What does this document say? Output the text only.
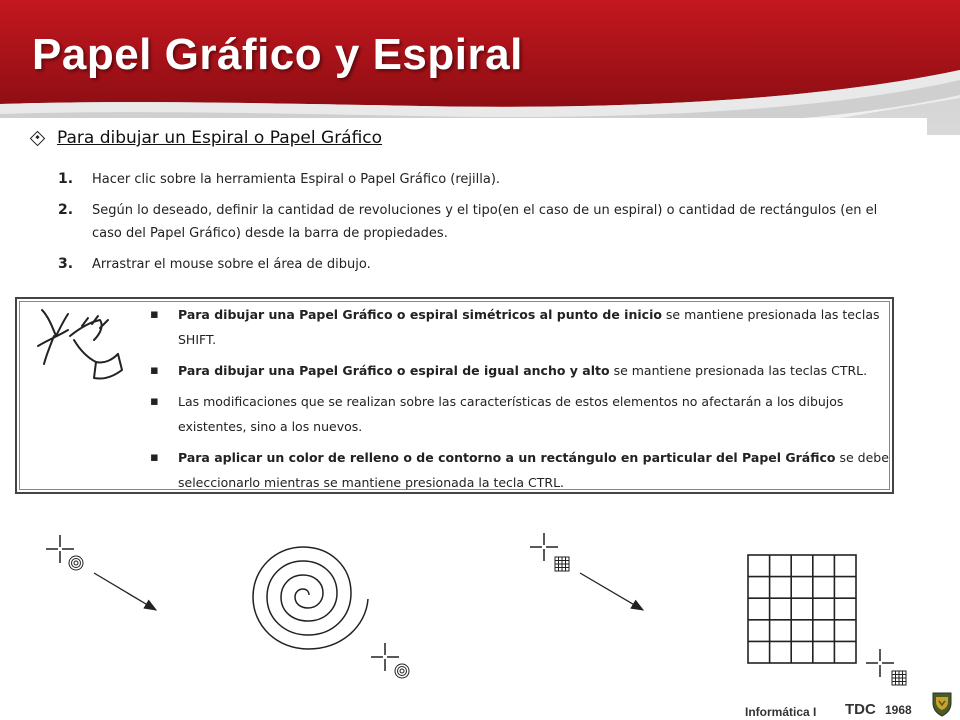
Papel Gráfico y Espiral
Para dibujar un Espiral o Papel Gráfico
1.	Hacer clic sobre la herramienta Espiral o Papel Gráfico (rejilla).
2.	Según lo deseado, definir la cantidad de revoluciones y el tipo(en el caso de un espiral) o cantidad de rectángulos (en el caso del Papel Gráfico) desde la barra de propiedades.
3.	Arrastrar el mouse sobre el área de dibujo.
▪ Para dibujar una Papel Gráfico o espiral simétricos al punto de inicio se mantiene presionada las teclas SHIFT.
▪ Para dibujar una Papel Gráfico o espiral de igual ancho y alto se mantiene presionada las teclas CTRL.
▪ Las modificaciones que se realizan sobre las características de estos elementos no afectarán a los dibujos existentes, sino a los nuevos.
▪ Para aplicar un color de relleno o de contorno a un rectángulo en particular del Papel Gráfico se debe seleccionarlo mientras se mantiene presionada la tecla CTRL.
Informática I TDC 1968
